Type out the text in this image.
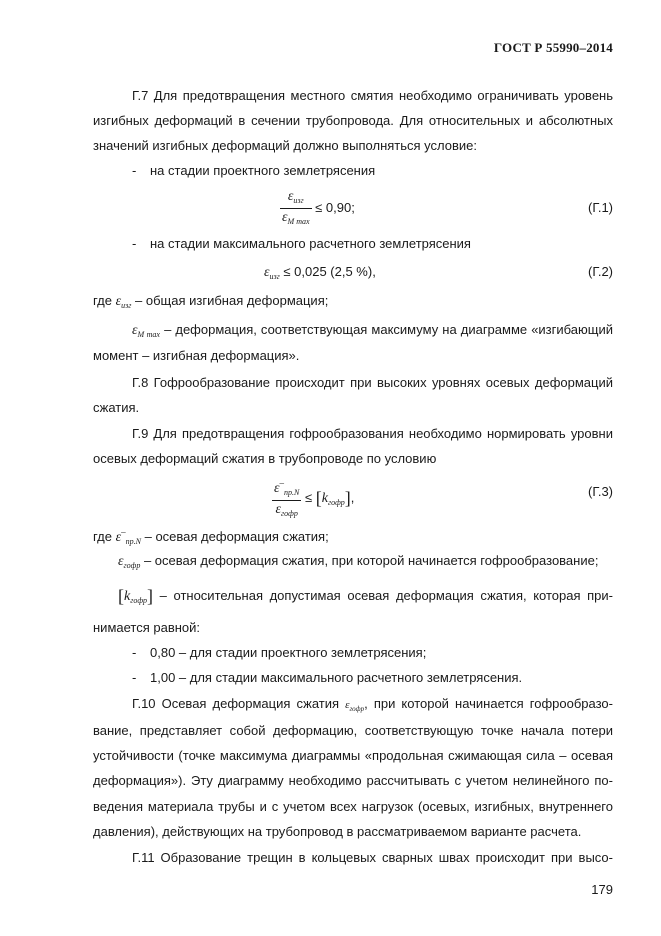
ГОСТ Р 55990–2014
Г.7 Для предотвращения местного смятия необходимо ограничивать уровень
изгибных деформаций в сечении трубопровода. Для относительных и абсолютных
значений изгибных деформаций должно выполняться условие:
- на стадии проектного землетрясения
$\frac{\varepsilon_{изг}}{\varepsilon_{M max}} \le 0,90$;	(Г.1)
- на стадии максимального расчетного землетрясения
$\varepsilon_{изг} \le 0,025$ (2,5 %),	(Г.2)
где $\varepsilon_{изг}$ – общая изгибная деформация;
$\varepsilon_{M max}$ – деформация, соответствующая максимуму на диаграмме «изгибающий
момент – изгибная деформация».
Г.8 Гофрообразование происходит при высоких уровнях осевых деформаций
сжатия.
Г.9 Для предотвращения гофрообразования необходимо нормировать уровни
осевых деформаций сжатия в трубопроводе по условию
$\frac{\varepsilon^-_{пр.N}}{\varepsilon_{гофр}} \le [k_{гофр}]$,	(Г.3)
где $\varepsilon^-_{пр.N}$ – осевая деформация сжатия;
$\varepsilon_{гофр}$ – осевая деформация сжатия, при которой начинается гофрообразование;
$[k_{гофр}]$ – относительная допустимая осевая деформация сжатия, которая при-
нимается равной:
- 0,80 – для стадии проектного землетрясения;
- 1,00 – для стадии максимального расчетного землетрясения.
Г.10 Осевая деформация сжатия $\varepsilon_{гофр}$, при которой начинается гофрообразо-
вание, представляет собой деформацию, соответствующую точке начала потери
устойчивости (точке максимума диаграммы «продольная сжимающая сила – осевая
деформация»). Эту диаграмму необходимо рассчитывать с учетом нелинейного по-
ведения материала трубы и с учетом всех нагрузок (осевых, изгибных, внутреннего
давления), действующих на трубопровод в рассматриваемом варианте расчета.
Г.11 Образование трещин в кольцевых сварных швах происходит при высо-
179
